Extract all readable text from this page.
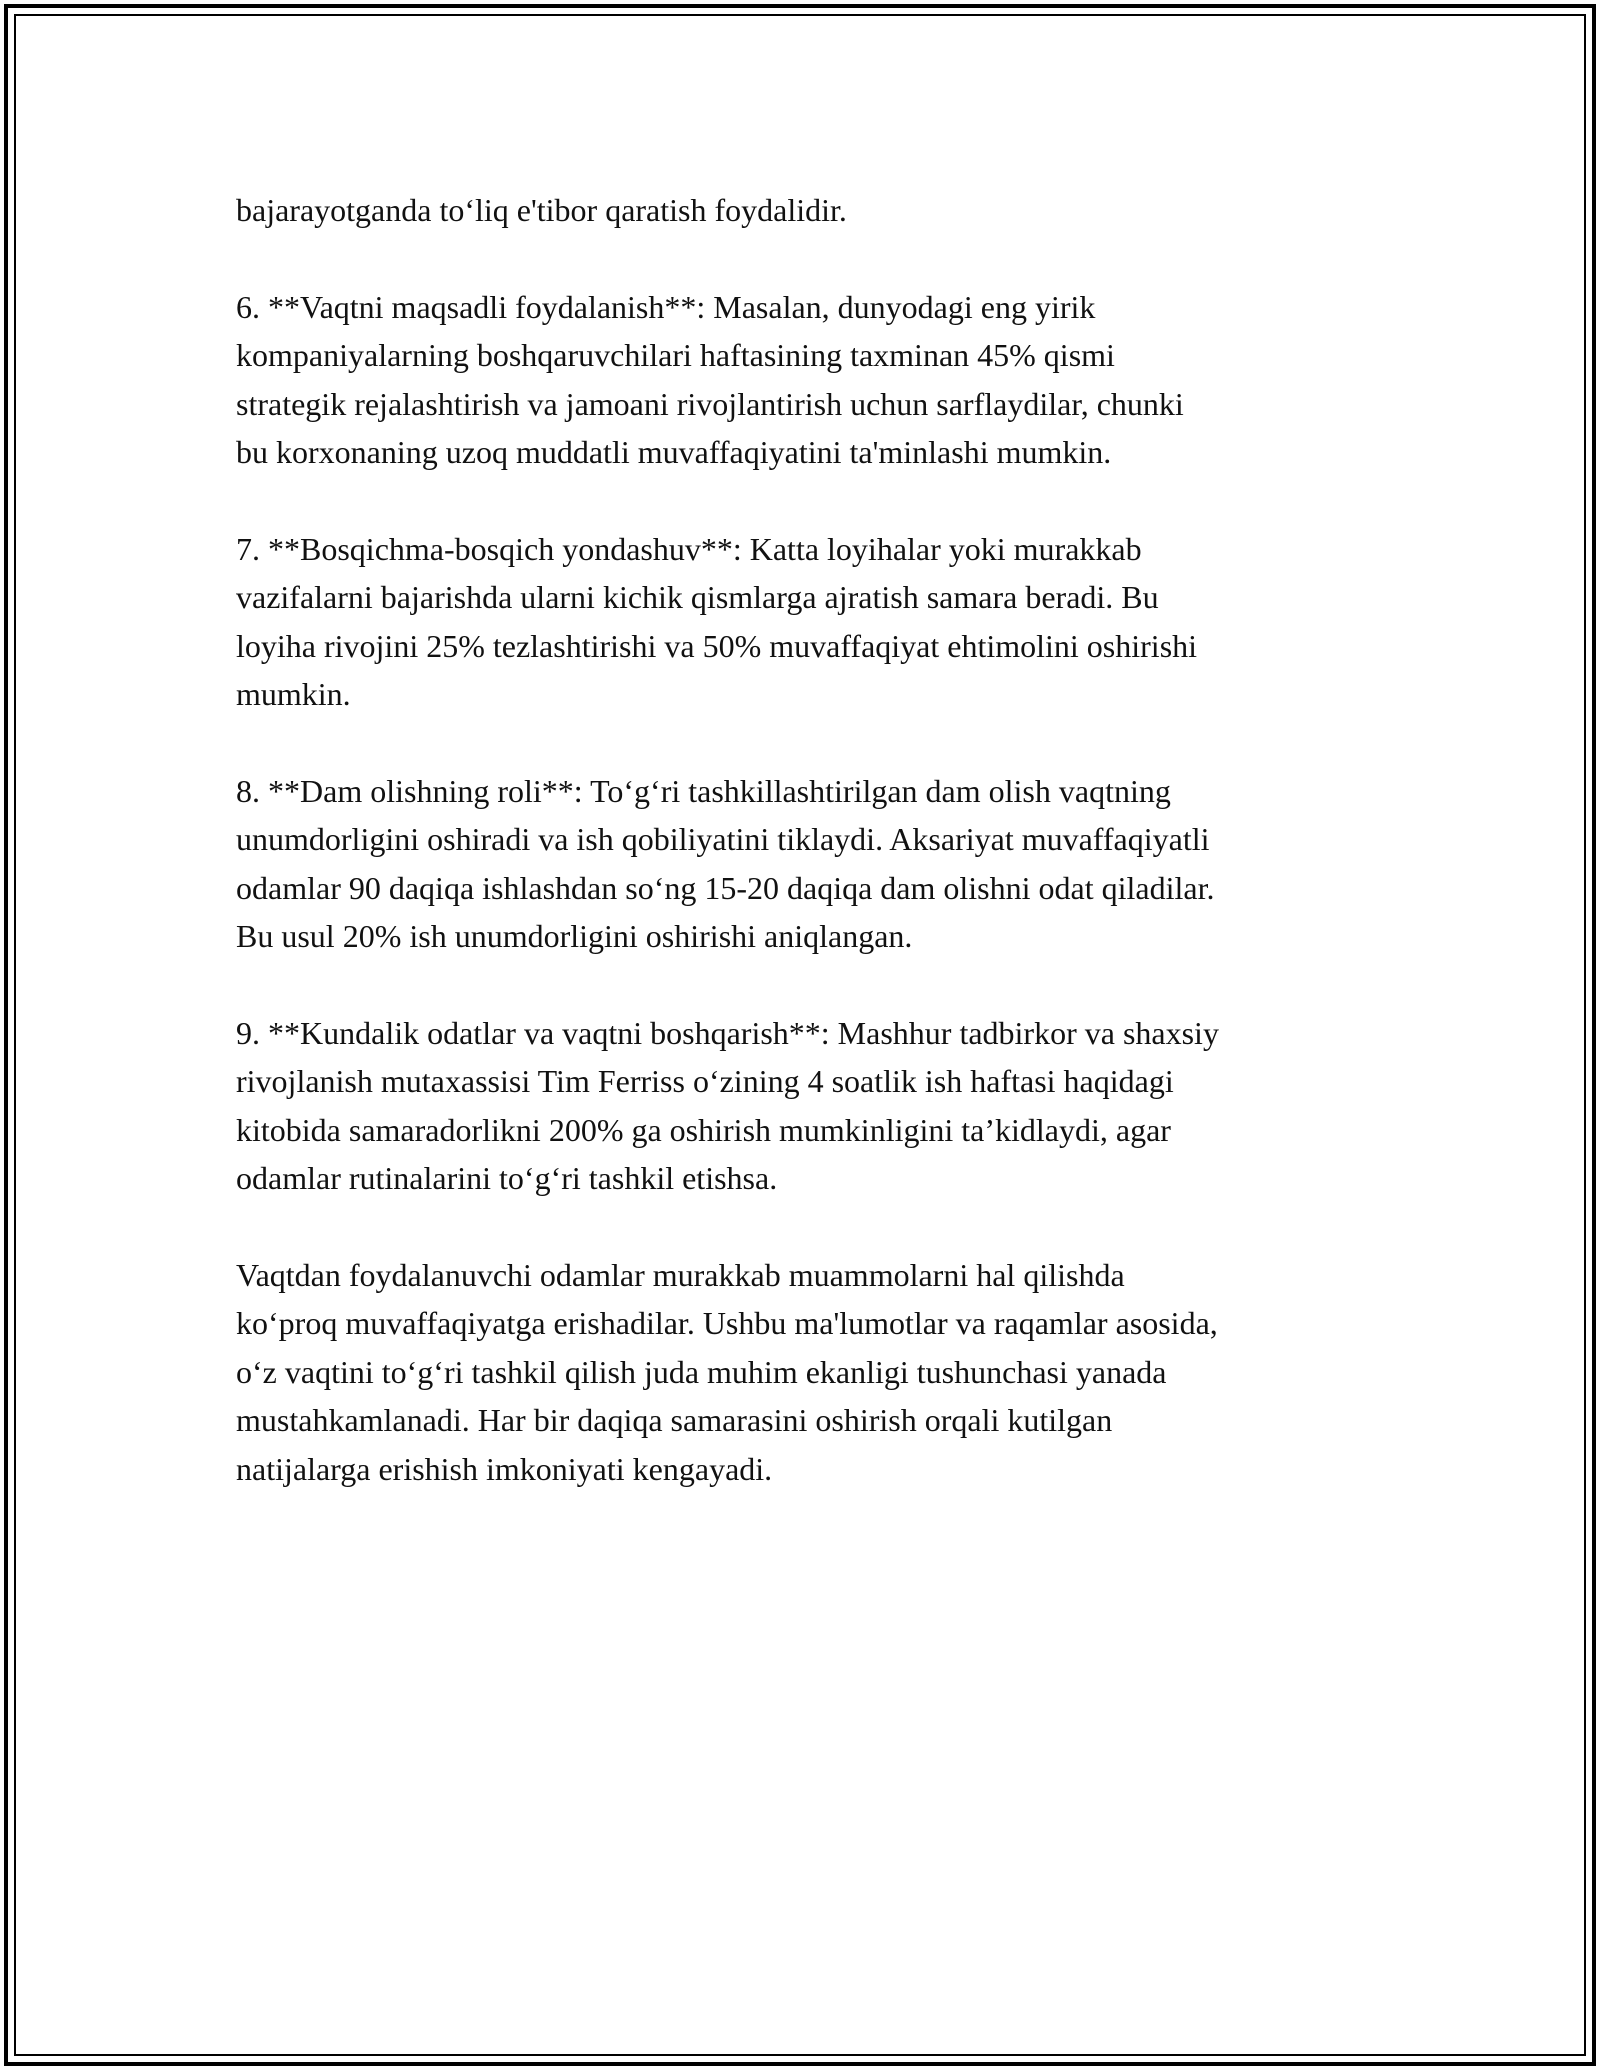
bajarayotganda to‘liq e'tibor qaratish foydalidir.

6. **Vaqtni maqsadli foydalanish**: Masalan, dunyodagi eng yirik
kompaniyalarning boshqaruvchilari haftasining taxminan 45% qismi
strategik rejalashtirish va jamoani rivojlantirish uchun sarflaydilar, chunki
bu korxonaning uzoq muddatli muvaffaqiyatini ta'minlashi mumkin.

7. **Bosqichma-bosqich yondashuv**: Katta loyihalar yoki murakkab
vazifalarni bajarishda ularni kichik qismlarga ajratish samara beradi. Bu
loyiha rivojini 25% tezlashtirishi va 50% muvaffaqiyat ehtimolini oshirishi
mumkin.

8. **Dam olishning roli**: To‘g‘ri tashkillashtirilgan dam olish vaqtning
unumdorligini oshiradi va ish qobiliyatini tiklaydi. Aksariyat muvaffaqiyatli
odamlar 90 daqiqa ishlashdan so‘ng 15-20 daqiqa dam olishni odat qiladilar.
Bu usul 20% ish unumdorligini oshirishi aniqlangan.

9. **Kundalik odatlar va vaqtni boshqarish**: Mashhur tadbirkor va shaxsiy
rivojlanish mutaxassisi Tim Ferriss o‘zining 4 soatlik ish haftasi haqidagi
kitobida samaradorlikni 200% ga oshirish mumkinligini ta’kidlaydi, agar
odamlar rutinalarini to‘g‘ri tashkil etishsa.

Vaqtdan foydalanuvchi odamlar murakkab muammolarni hal qilishda
ko‘proq muvaffaqiyatga erishadilar. Ushbu ma'lumotlar va raqamlar asosida,
o‘z vaqtini to‘g‘ri tashkil qilish juda muhim ekanligi tushunchasi yanada
mustahkamlanadi. Har bir daqiqa samarasini oshirish orqali kutilgan
natijalarga erishish imkoniyati kengayadi.
